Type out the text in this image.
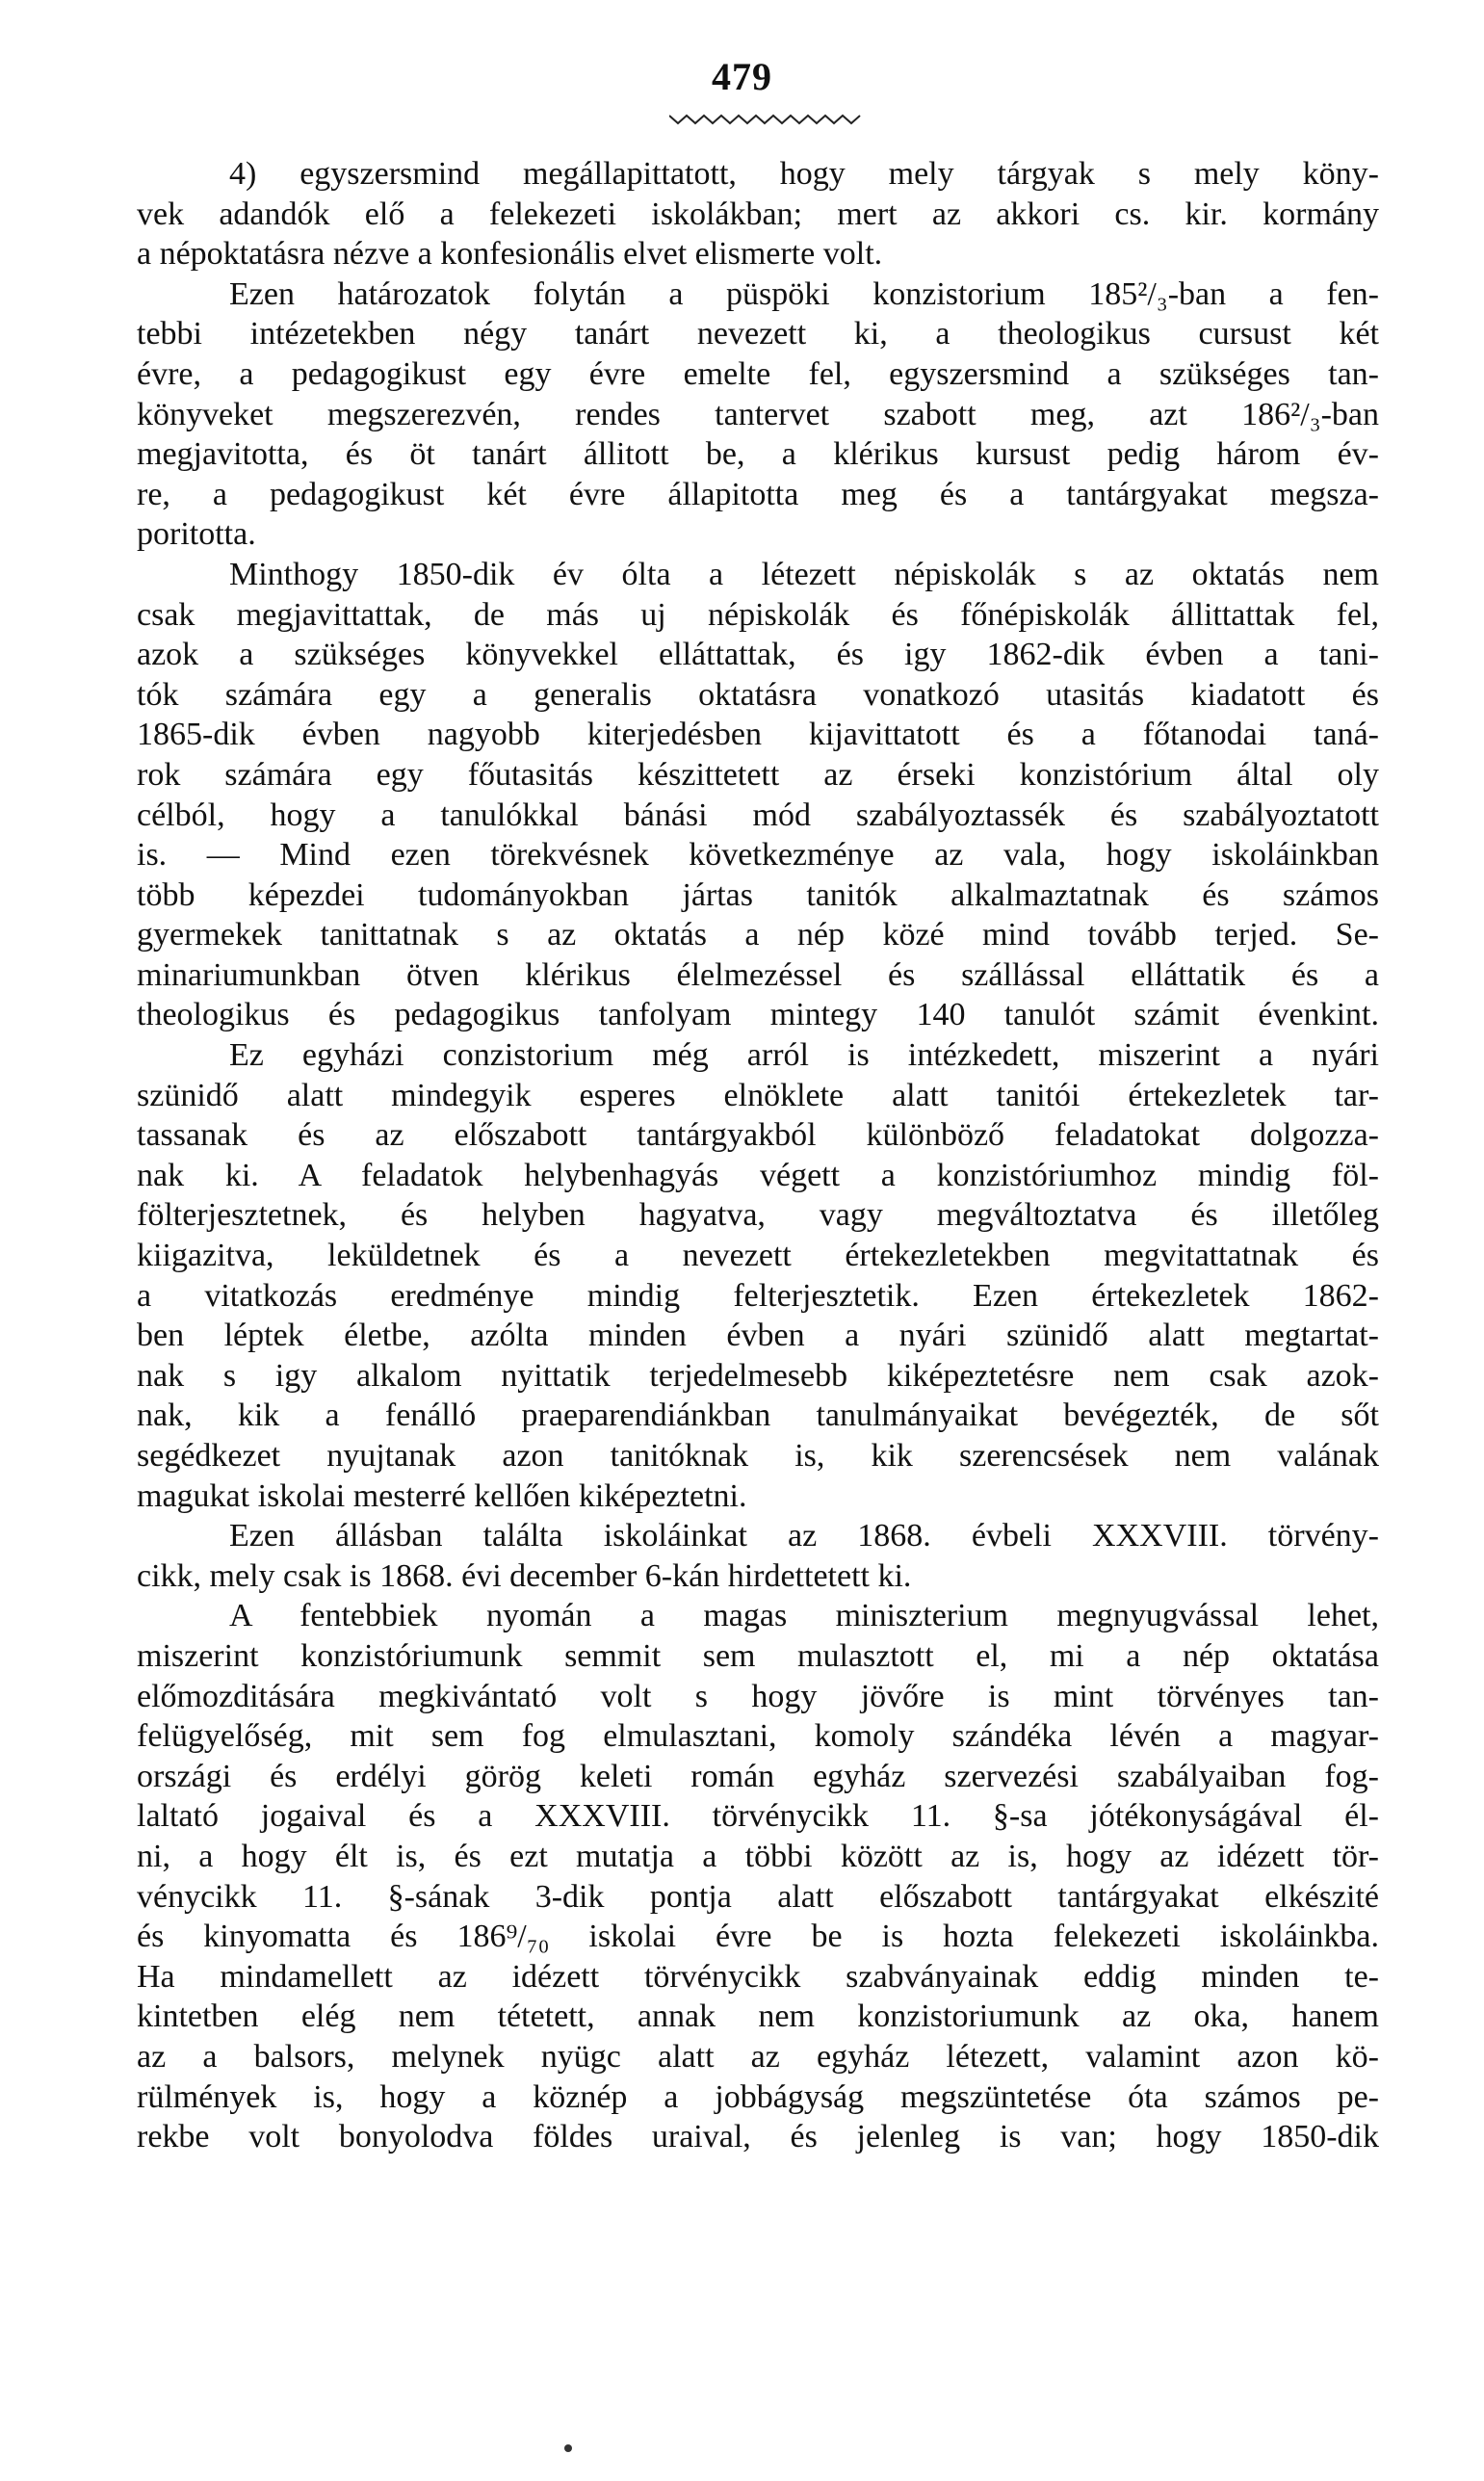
479
4) egyszersmind megállapittatott, hogy mely tárgyak s mely köny-
vek adandók elő a felekezeti iskolákban; mert az akkori cs. kir. kormány
a népoktatásra nézve a konfesionális elvet elismerte volt.
Ezen határozatok folytán a püspöki konzistorium 185²/₃-ban a fen-
tebbi intézetekben négy tanárt nevezett ki, a theologikus cursust két
évre, a pedagogikust egy évre emelte fel, egyszersmind a szükséges tan-
könyveket megszerezvén, rendes tantervet szabott meg, azt 186²/₃-ban
megjavitotta, és öt tanárt állitott be, a klérikus kursust pedig három év-
re, a pedagogikust két évre állapitotta meg és a tantárgyakat megsza-
poritotta.
Minthogy 1850-dik év ólta a létezett népiskolák s az oktatás nem
csak megjavittattak, de más uj népiskolák és főnépiskolák állittattak fel,
azok a szükséges könyvekkel elláttattak, és igy 1862-dik évben a tani-
tók számára egy a generalis oktatásra vonatkozó utasitás kiadatott és
1865-dik évben nagyobb kiterjedésben kijavittatott és a főtanodai taná-
rok számára egy főutasitás készittetett az érseki konzistórium által oly
célból, hogy a tanulókkal bánási mód szabályoztassék és szabályoztatott
is. — Mind ezen törekvésnek következménye az vala, hogy iskoláinkban
több képezdei tudományokban jártas tanitók alkalmaztatnak és számos
gyermekek tanittatnak s az oktatás a nép közé mind tovább terjed. Se-
minariumunkban ötven klérikus élelmezéssel és szállással elláttatik és a
theologikus és pedagogikus tanfolyam mintegy 140 tanulót számit évenkint.
Ez egyházi conzistorium még arról is intézkedett, miszerint a nyári
szünidő alatt mindegyik esperes elnöklete alatt tanitói értekezletek tar-
tassanak és az előszabott tantárgyakból különböző feladatokat dolgozza-
nak ki. A feladatok helybenhagyás végett a konzistóriumhoz mindig föl-
fölterjesztetnek, és helyben hagyatva, vagy megváltoztatva és illetőleg
kiigazitva, leküldetnek és a nevezett értekezletekben megvitattatnak és
a vitatkozás eredménye mindig felterjesztetik. Ezen értekezletek 1862-
ben léptek életbe, azólta minden évben a nyári szünidő alatt megtartat-
nak s igy alkalom nyittatik terjedelmesebb kiképeztetésre nem csak azok-
nak, kik a fenálló praeparendiánkban tanulmányaikat bevégezték, de sőt
segédkezet nyujtanak azon tanitóknak is, kik szerencsések nem valának
magukat iskolai mesterré kellően kiképeztetni.
Ezen állásban találta iskoláinkat az 1868. évbeli XXXVIII. törvény-
cikk, mely csak is 1868. évi december 6-kán hirdettetett ki.
A fentebbiek nyomán a magas miniszterium megnyugvással lehet,
miszerint konzistóriumunk semmit sem mulasztott el, mi a nép oktatása
előmozditására megkivántató volt s hogy jövőre is mint törvényes tan-
felügyelőség, mit sem fog elmulasztani, komoly szándéka lévén a magyar-
országi és erdélyi görög keleti román egyház szervezési szabályaiban fog-
laltató jogaival és a XXXVIII. törvénycikk 11. §-sa jótékonyságával él-
ni, a hogy élt is, és ezt mutatja a többi között az is, hogy az idézett tör-
vénycikk 11. §-sának 3-dik pontja alatt előszabott tantárgyakat elkészité
és kinyomatta és 186⁹/₇₀ iskolai évre be is hozta felekezeti iskoláinkba.
Ha mindamellett az idézett törvénycikk szabványainak eddig minden te-
kintetben elég nem tétetett, annak nem konzistoriumunk az oka, hanem
az a balsors, melynek nyügc alatt az egyház létezett, valamint azon kö-
rülmények is, hogy a köznép a jobbágyság megszüntetése óta számos pe-
rekbe volt bonyolodva földes uraival, és jelenleg is van; hogy 1850-dik
